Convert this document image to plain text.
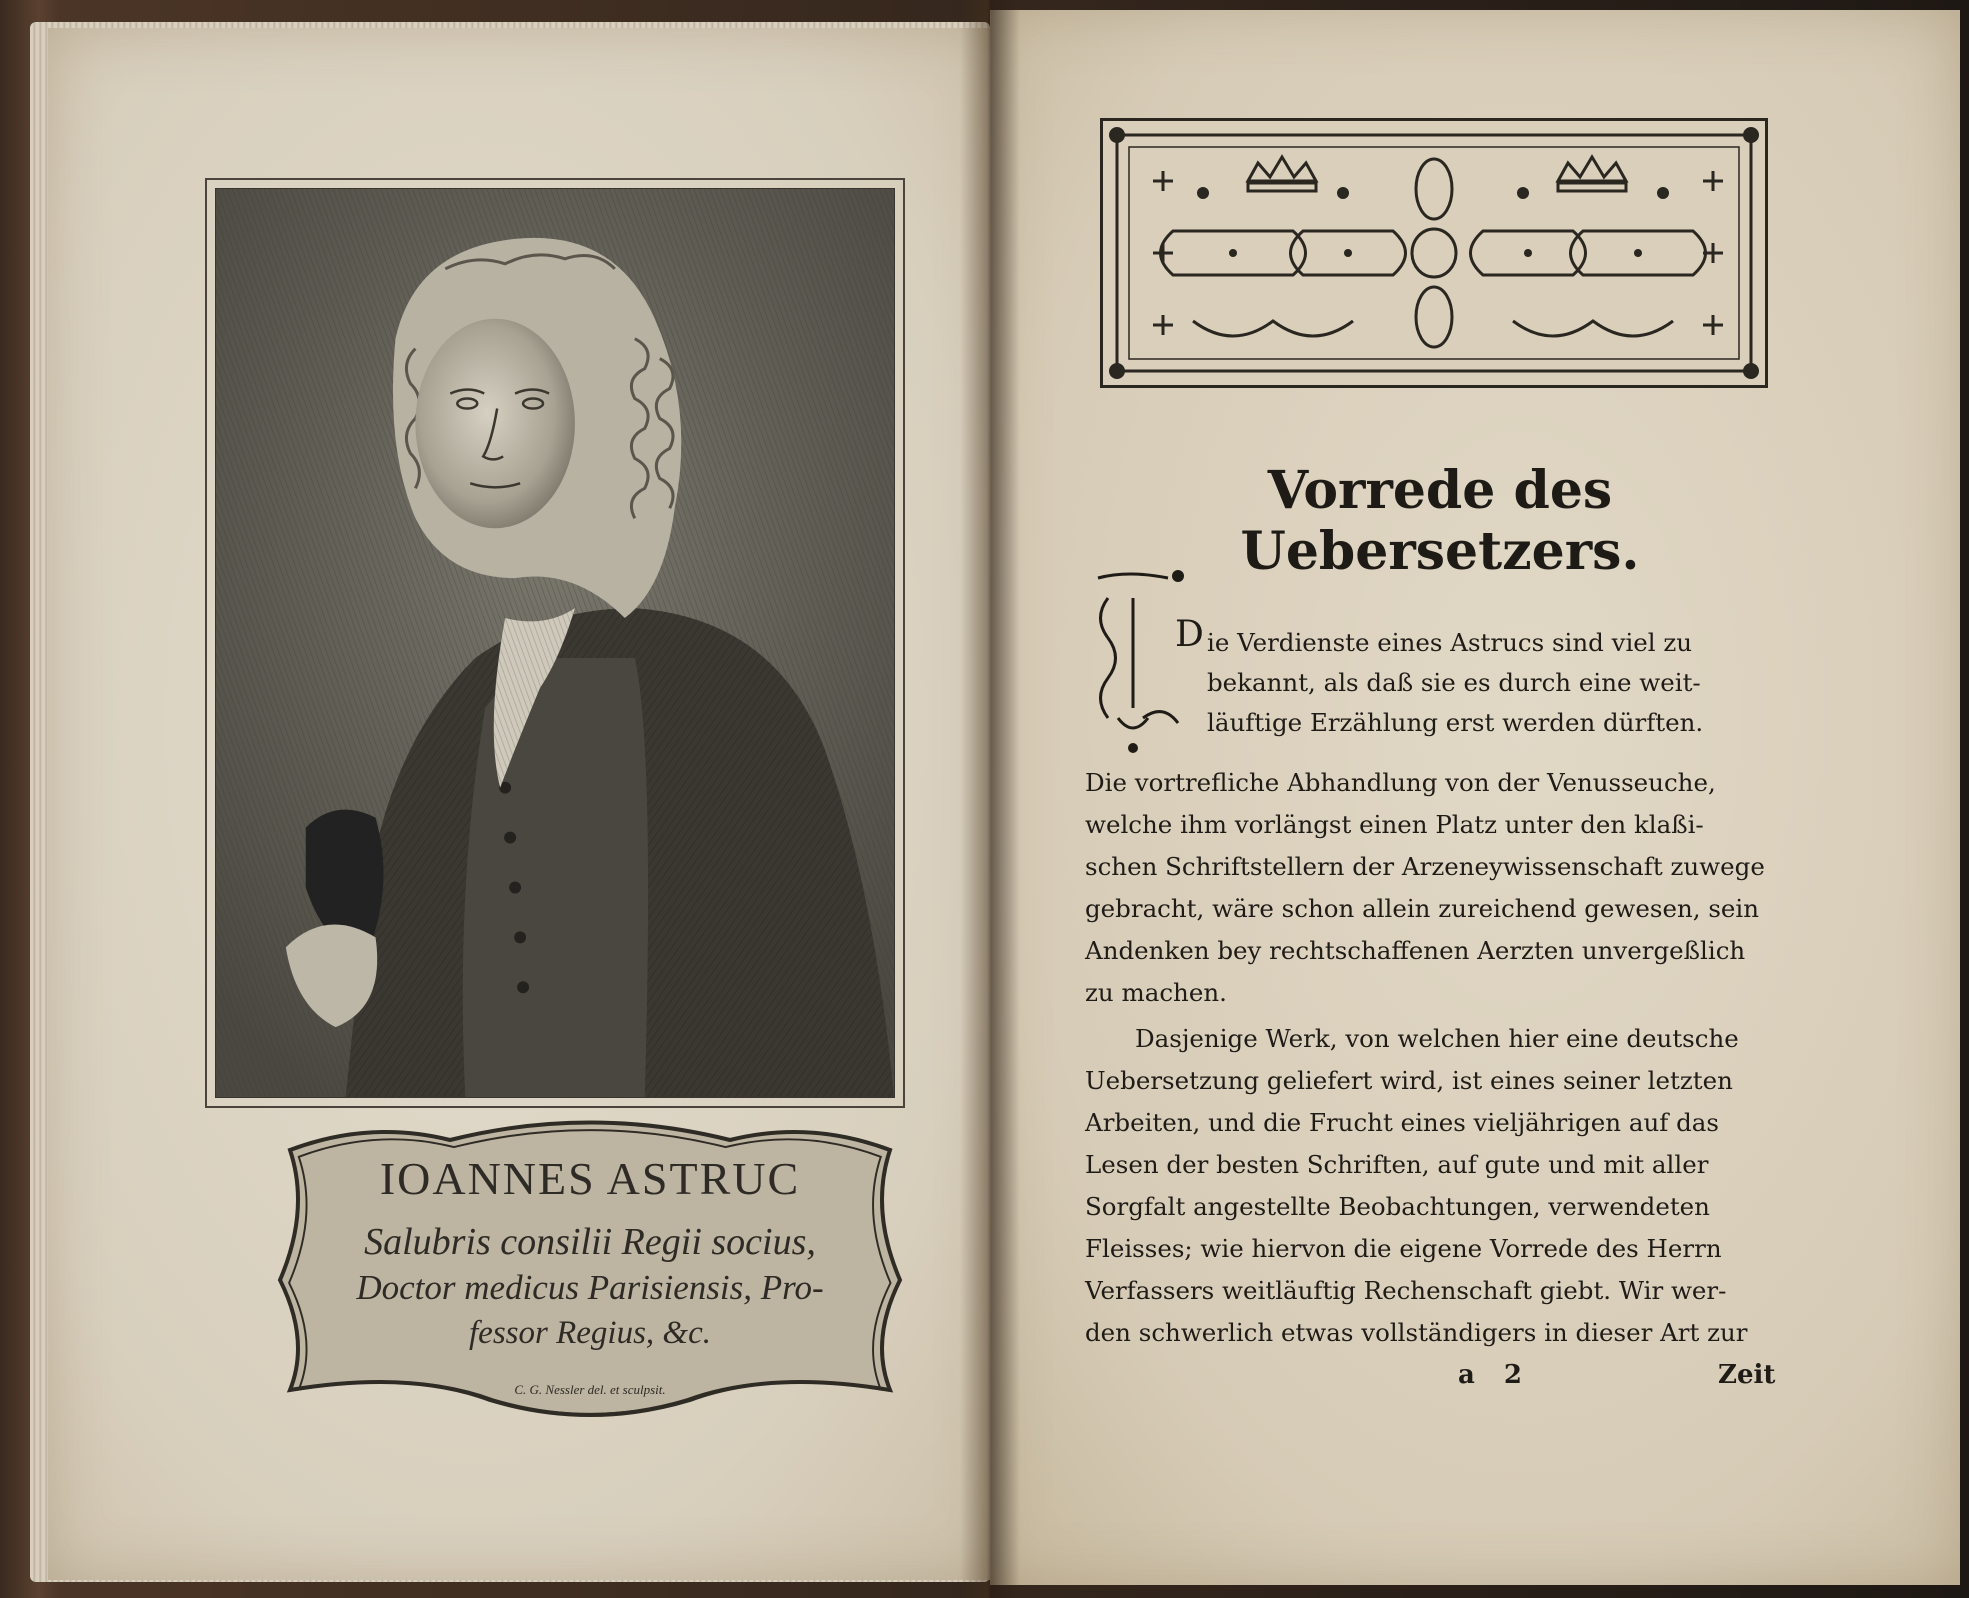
IOANNES ASTRUC
Salubris consilii Regii socius,
Doctor medicus Parisiensis, Pro-
fessor Regius, &c.
C. G. Nessler del. et sculpsit.
Vorrede des Uebersetzers.
D ie Verdienste eines Astrucs sind viel zu
bekannt, als daß sie es durch eine weit-
läuftige Erzählung erst werden dürften.
Die vortrefliche Abhandlung von der Venusseuche,
welche ihm vorlängst einen Platz unter den klaßi-
schen Schriftstellern der Arzeneywissenschaft zuwege
gebracht, wäre schon allein zureichend gewesen, sein
Andenken bey rechtschaffenen Aerzten unvergeßlich
zu machen.
Dasjenige Werk, von welchen hier eine deutsche
Uebersetzung geliefert wird, ist eines seiner letzten
Arbeiten, und die Frucht eines vieljährigen auf das
Lesen der besten Schriften, auf gute und mit aller
Sorgfalt angestellte Beobachtungen, verwendeten
Fleisses; wie hiervon die eigene Vorrede des Herrn
Verfassers weitläuftig Rechenschaft giebt. Wir wer-
den schwerlich etwas vollständigers in dieser Art zur
a 2	Zeit
